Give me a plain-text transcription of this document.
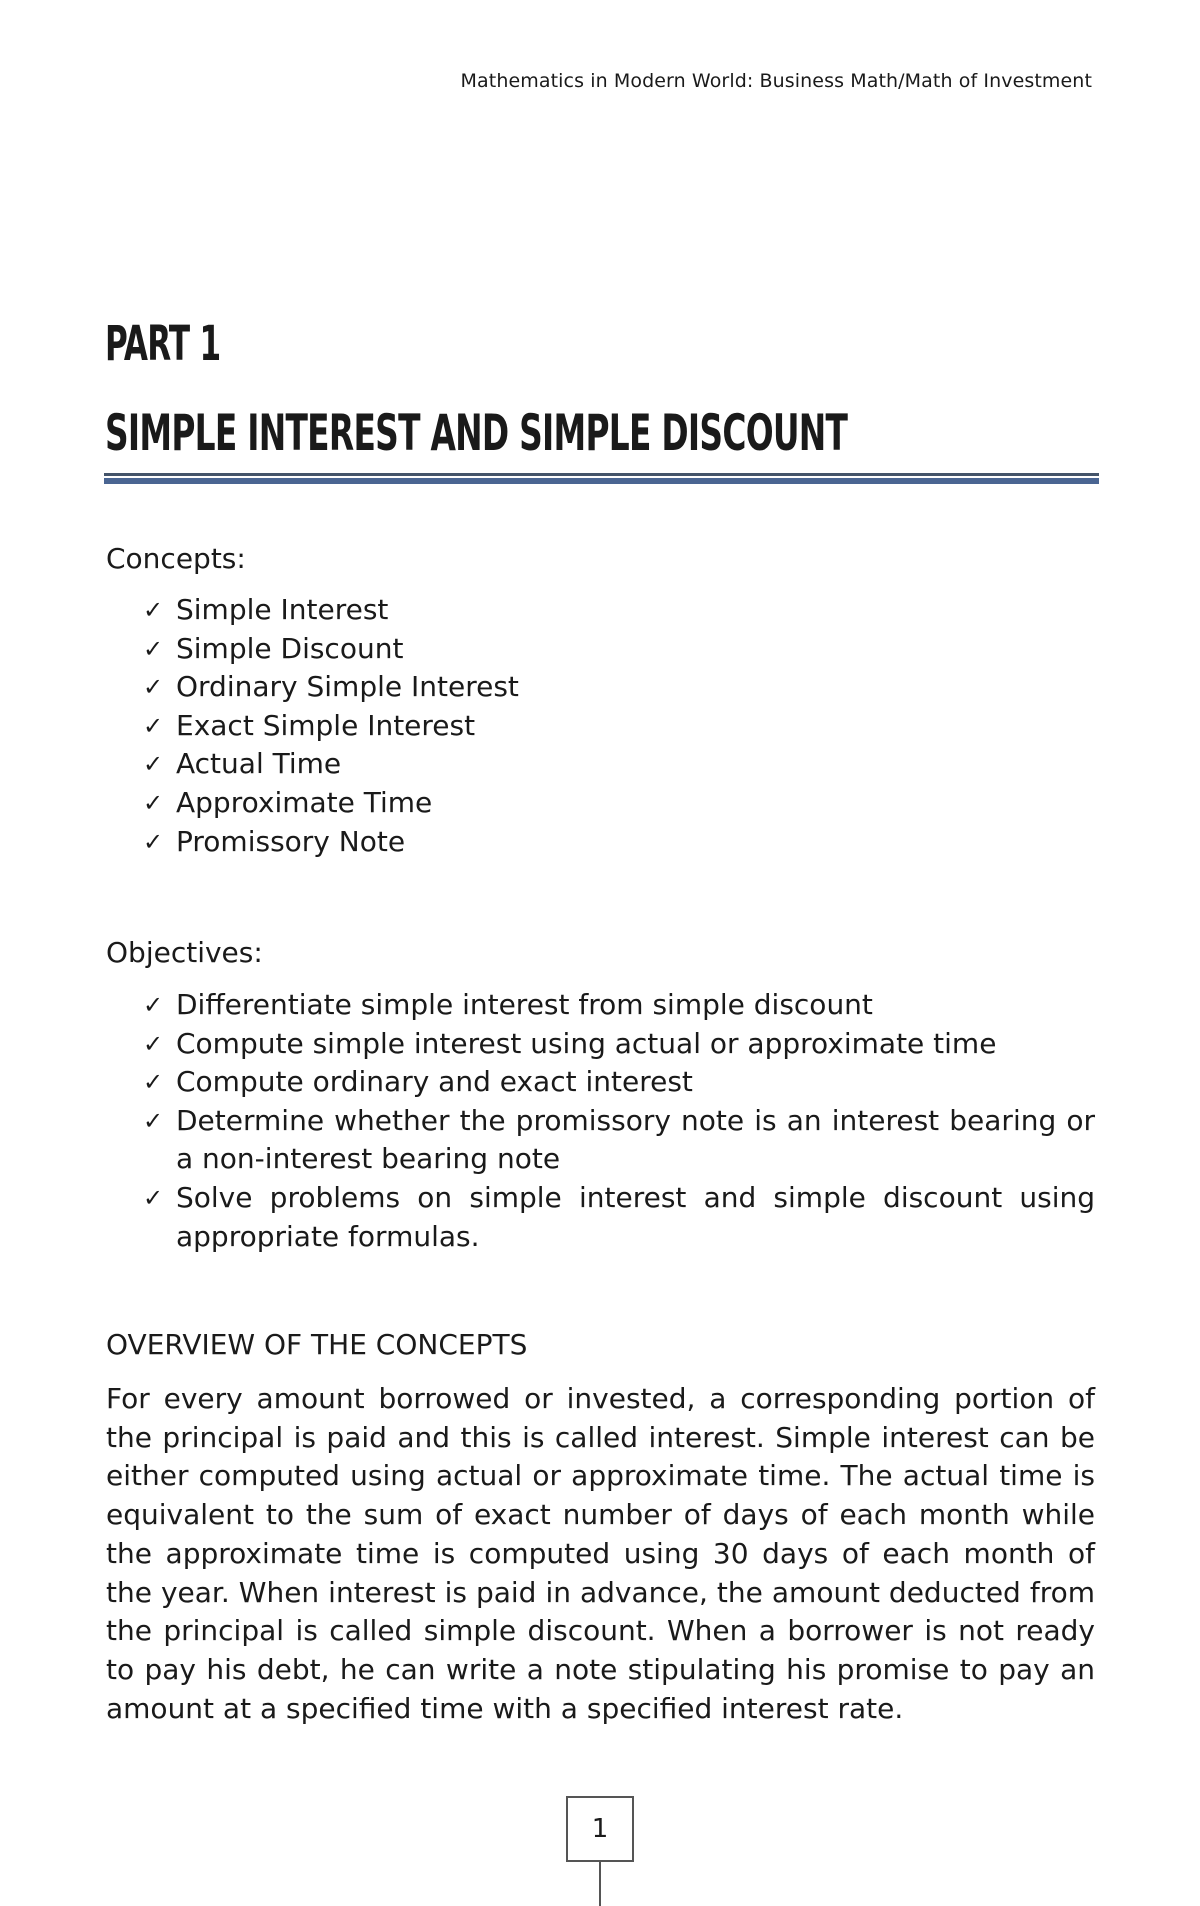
Mathematics in Modern World: Business Math/Math of Investment
PART 1
SIMPLE INTEREST AND SIMPLE DISCOUNT
Concepts:
✓ Simple Interest
✓ Simple Discount
✓ Ordinary Simple Interest
✓ Exact Simple Interest
✓ Actual Time
✓ Approximate Time
✓ Promissory Note
Objectives:
✓ Differentiate simple interest from simple discount
✓ Compute simple interest using actual or approximate time
✓ Compute ordinary and exact interest
✓ Determine whether the promissory note is an interest bearing or a non-interest bearing note
✓ Solve problems on simple interest and simple discount using appropriate formulas.
OVERVIEW OF THE CONCEPTS

For every amount borrowed or invested, a corresponding portion of the principal is paid and this is called interest. Simple interest can be either computed using actual or approximate time. The actual time is equivalent to the sum of exact number of days of each month while the approximate time is computed using 30 days of each month of the year. When interest is paid in advance, the amount deducted from the principal is called simple discount. When a borrower is not ready to pay his debt, he can write a note stipulating his promise to pay an amount at a specified time with a specified interest rate.

1
